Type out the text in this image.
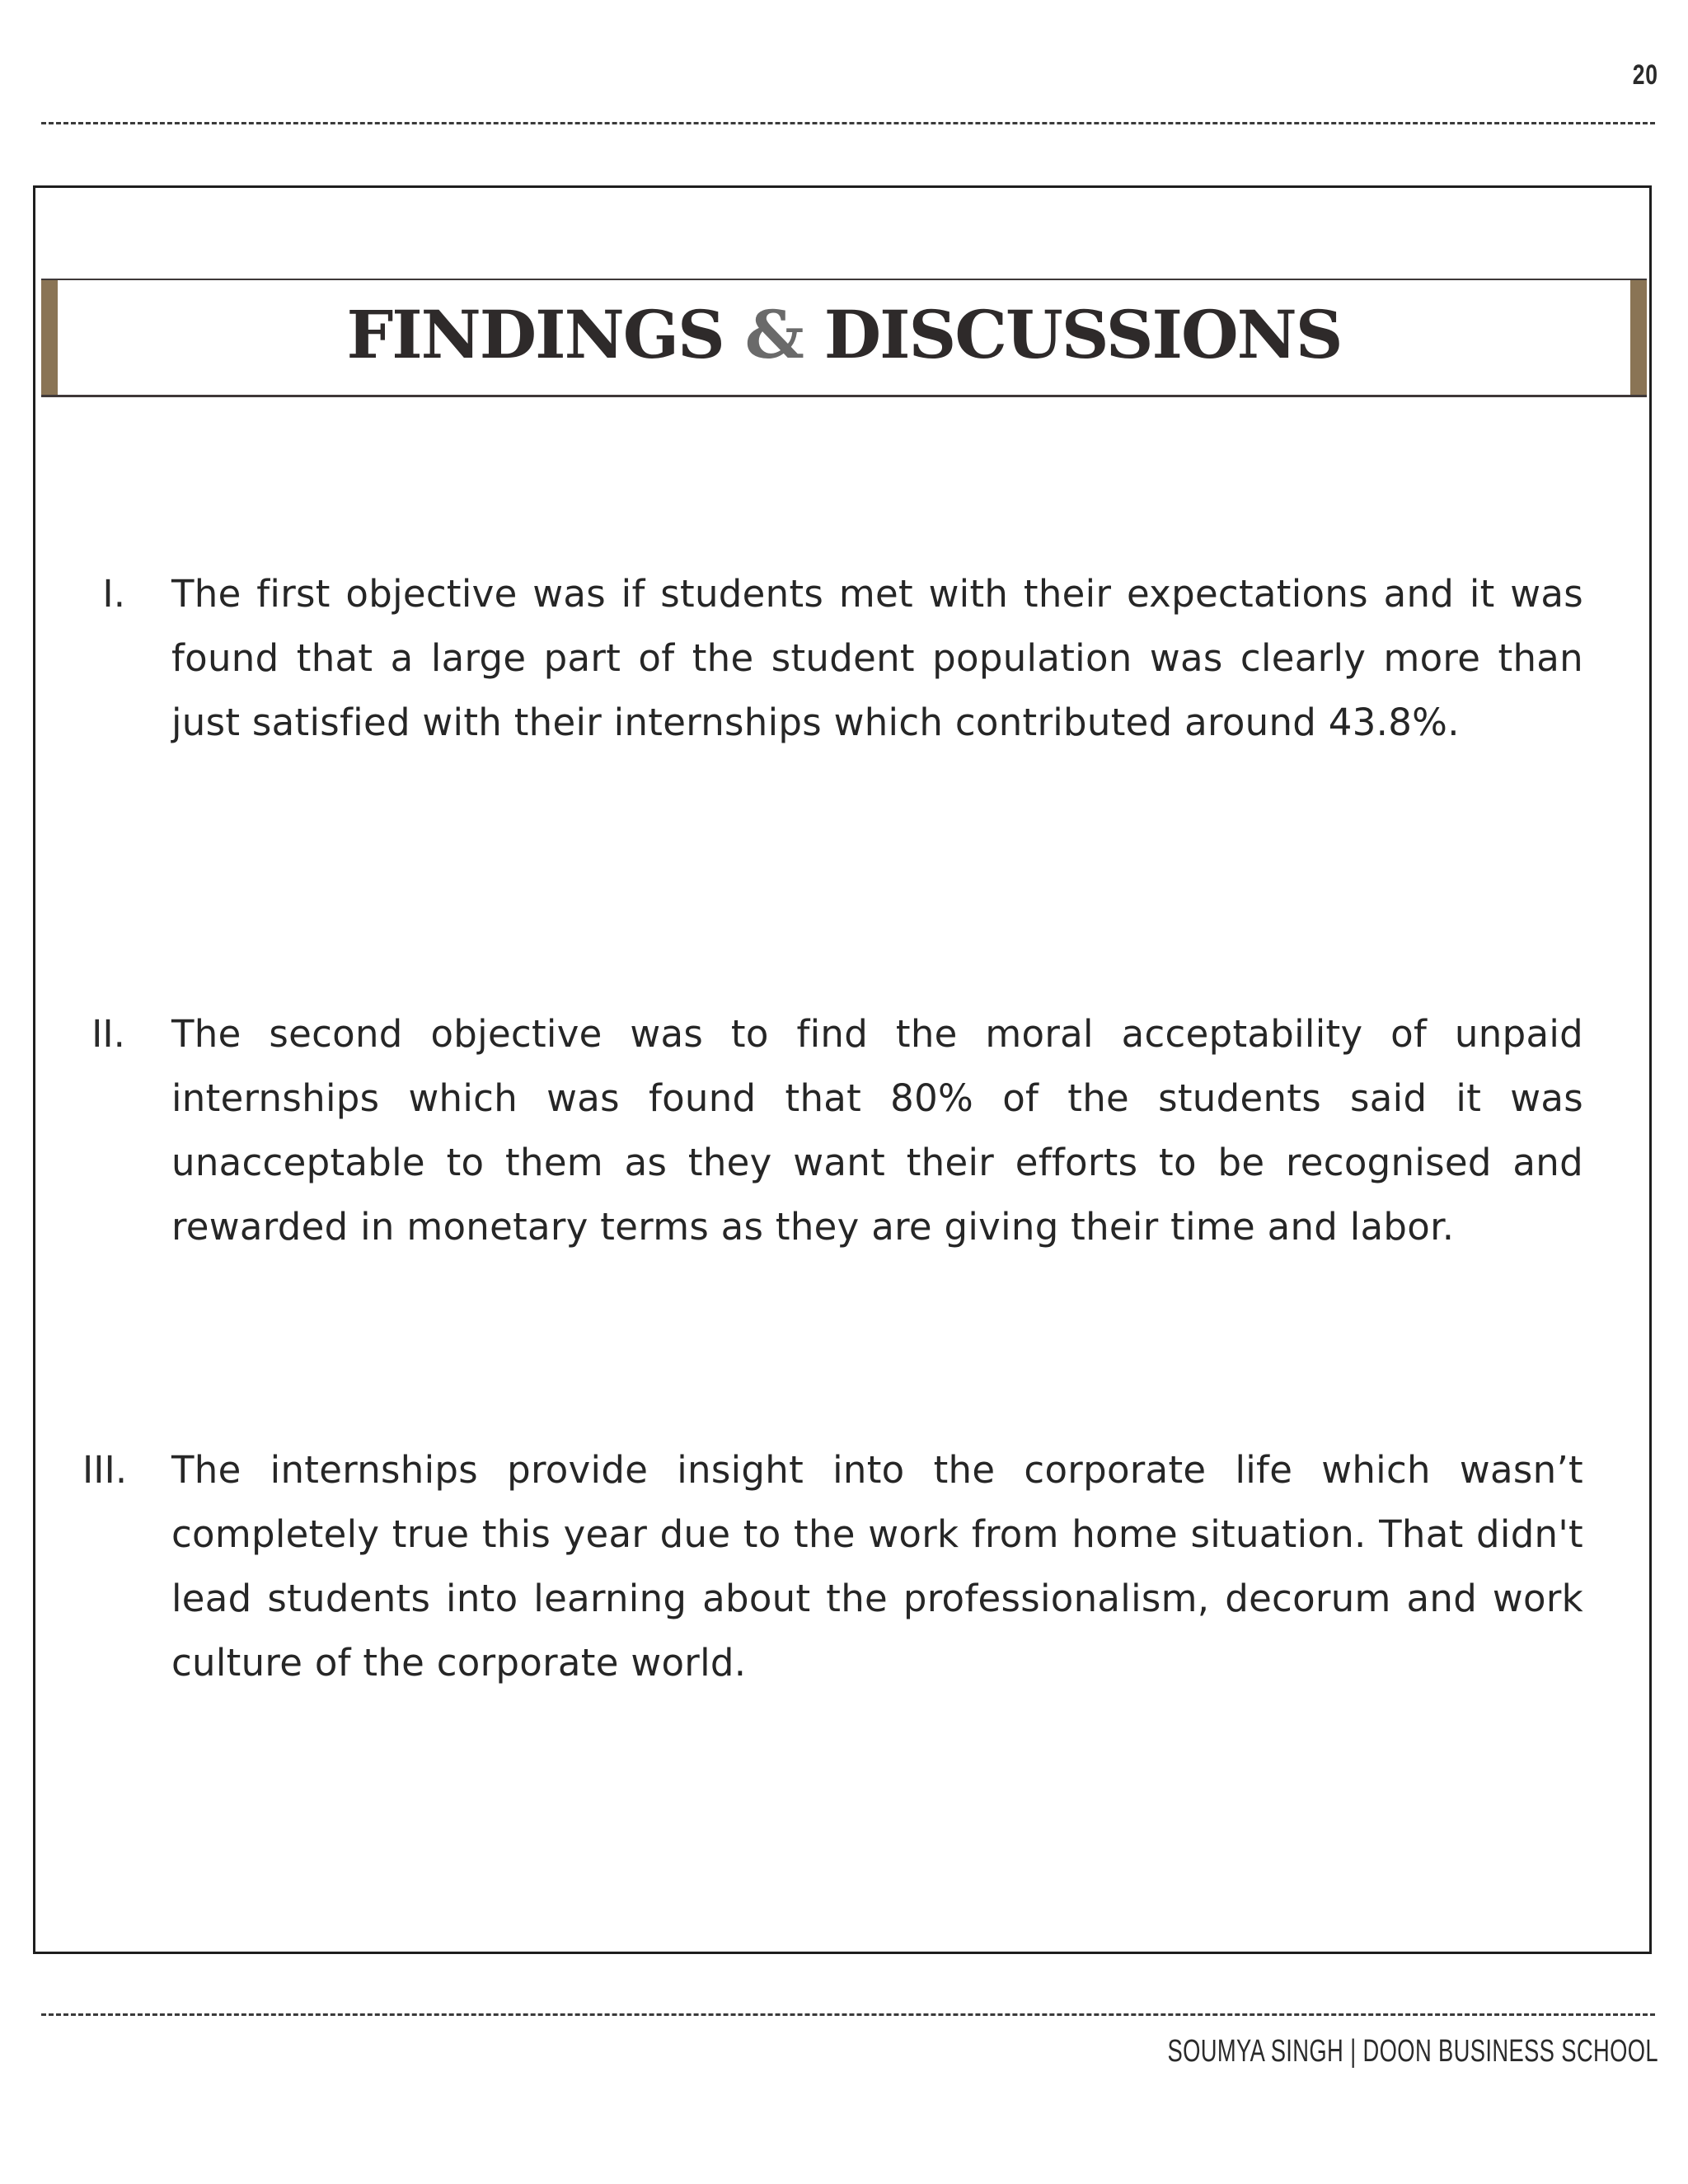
20
FINDINGS & DISCUSSIONS
I. The first objective was if students met with their expectations and it was found that a large part of the student population was clearly more than just satisfied with their internships which contributed around 43.8%.
II. The second objective was to find the moral acceptability of unpaid internships which was found that 80% of the students said it was unacceptable to them as they want their efforts to be recognised and rewarded in monetary terms as they are giving their time and labor.
III. The internships provide insight into the corporate life which wasn’t completely true this year due to the work from home situation. That didn't lead students into learning about the professionalism, decorum and work culture of the corporate world.
SOUMYA SINGH | DOON BUSINESS SCHOOL
